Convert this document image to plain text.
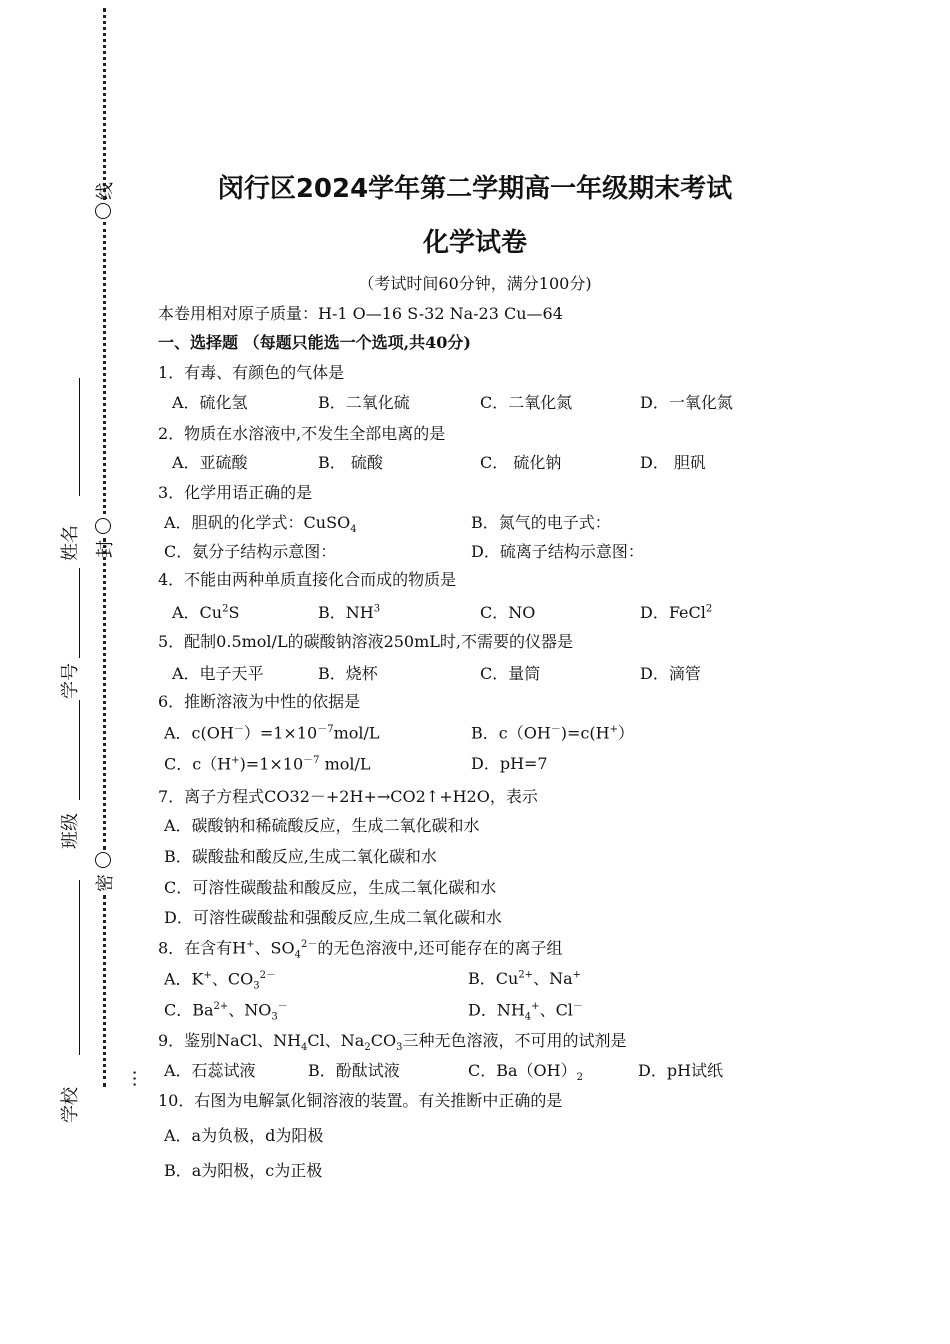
线
封
密
…
姓名
学号
班级
学校
闵行区2024学年第二学期高一年级期末考试
化学试卷
（考试时间60分钟，满分100分)
本卷用相对原子质量：H-1 O—16 S-32 Na-23 Cu—64
一、选择题 （每题只能选一个选项,共40分)
1．有毒、有颜色的气体是
A．硫化氢	B．二氧化硫	C．二氧化氮	D．一氧化氮
2．物质在水溶液中,不发生全部电离的是
A．亚硫酸	B． 硫酸	C． 硫化钠	D． 胆矾
3．化学用语正确的是
A．胆矾的化学式：CuSO$_4$	B．氮气的电子式：
C．氨分子结构示意图：	D．硫离子结构示意图：
4．不能由两种单质直接化合而成的物质是
A．Cu$^2$S	B．$NH^3$	C．NO	D．FeCl$^2$
5．配制0.5mol/L的碳酸钠溶液250mL时,不需要的仪器是
A．电子天平	B．烧杯	C．量筒	D．滴管
6．推断溶液为中性的依据是
A．$c(OH^-)=1\times 10^{-7}mol/L$	B．c（OH－)=c(H+）
C．$c(H^+)=1\times 10^{-7}$ mol/L	D．pH=7
7．离子方程式CO32－+2H+→CO2↑+H2O，表示
A．碳酸钠和稀硫酸反应，生成二氧化碳和水
B．碳酸盐和酸反应,生成二氧化碳和水
C．可溶性碳酸盐和酸反应，生成二氧化碳和水
D．可溶性碳酸盐和强酸反应,生成二氧化碳和水
8．在含有H+、$SO_4^{2-}$的无色溶液中,还可能存在的离子组
A．K+、$CO_3^{2-}$	B．$Cu^{2+}$、Na+
C．$Ba^{2+}$、$NO_3^-$	D．$NH_4^+$、Cl－
9．鉴别NaCl、$NH_4Cl$、$Na_2CO_3$三种无色溶液，不可用的试剂是
A．石蕊试液	B．酚酞试液	C．$Ba(OH)_2$	D．pH试纸
10．右图为电解氯化铜溶液的装置。有关推断中正确的是
A．a为负极，d为阳极
B．a为阳极，c为正极
